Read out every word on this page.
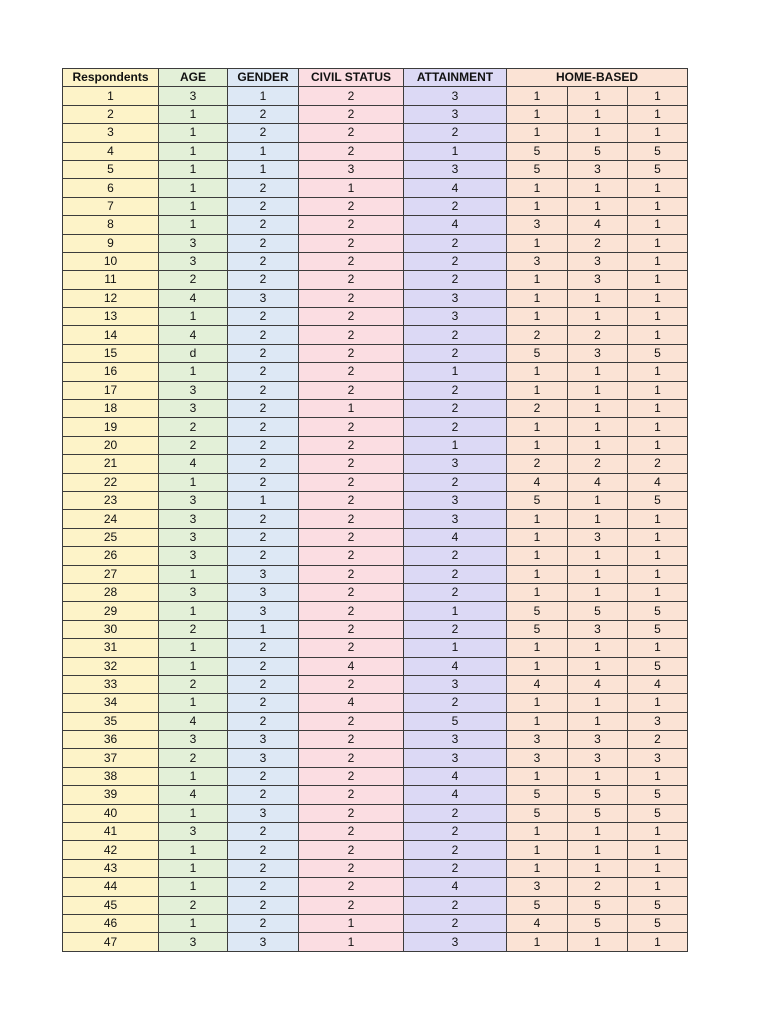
Respondents	AGE	GENDER	CIVIL STATUS	ATTAINMENT	HOME-BASED		
1	3	1	2	3	1	1	1
2	1	2	2	3	1	1	1
3	1	2	2	2	1	1	1
4	1	1	2	1	5	5	5
5	1	1	3	3	5	3	5
6	1	2	1	4	1	1	1
7	1	2	2	2	1	1	1
8	1	2	2	4	3	4	1
9	3	2	2	2	1	2	1
10	3	2	2	2	3	3	1
11	2	2	2	2	1	3	1
12	4	3	2	3	1	1	1
13	1	2	2	3	1	1	1
14	4	2	2	2	2	2	1
15	d	2	2	2	5	3	5
16	1	2	2	1	1	1	1
17	3	2	2	2	1	1	1
18	3	2	1	2	2	1	1
19	2	2	2	2	1	1	1
20	2	2	2	1	1	1	1
21	4	2	2	3	2	2	2
22	1	2	2	2	4	4	4
23	3	1	2	3	5	1	5
24	3	2	2	3	1	1	1
25	3	2	2	4	1	3	1
26	3	2	2	2	1	1	1
27	1	3	2	2	1	1	1
28	3	3	2	2	1	1	1
29	1	3	2	1	5	5	5
30	2	1	2	2	5	3	5
31	1	2	2	1	1	1	1
32	1	2	4	4	1	1	5
33	2	2	2	3	4	4	4
34	1	2	4	2	1	1	1
35	4	2	2	5	1	1	3
36	3	3	2	3	3	3	2
37	2	3	2	3	3	3	3
38	1	2	2	4	1	1	1
39	4	2	2	4	5	5	5
40	1	3	2	2	5	5	5
41	3	2	2	2	1	1	1
42	1	2	2	2	1	1	1
43	1	2	2	2	1	1	1
44	1	2	2	4	3	2	1
45	2	2	2	2	5	5	5
46	1	2	1	2	4	5	5
47	3	3	1	3	1	1	1
